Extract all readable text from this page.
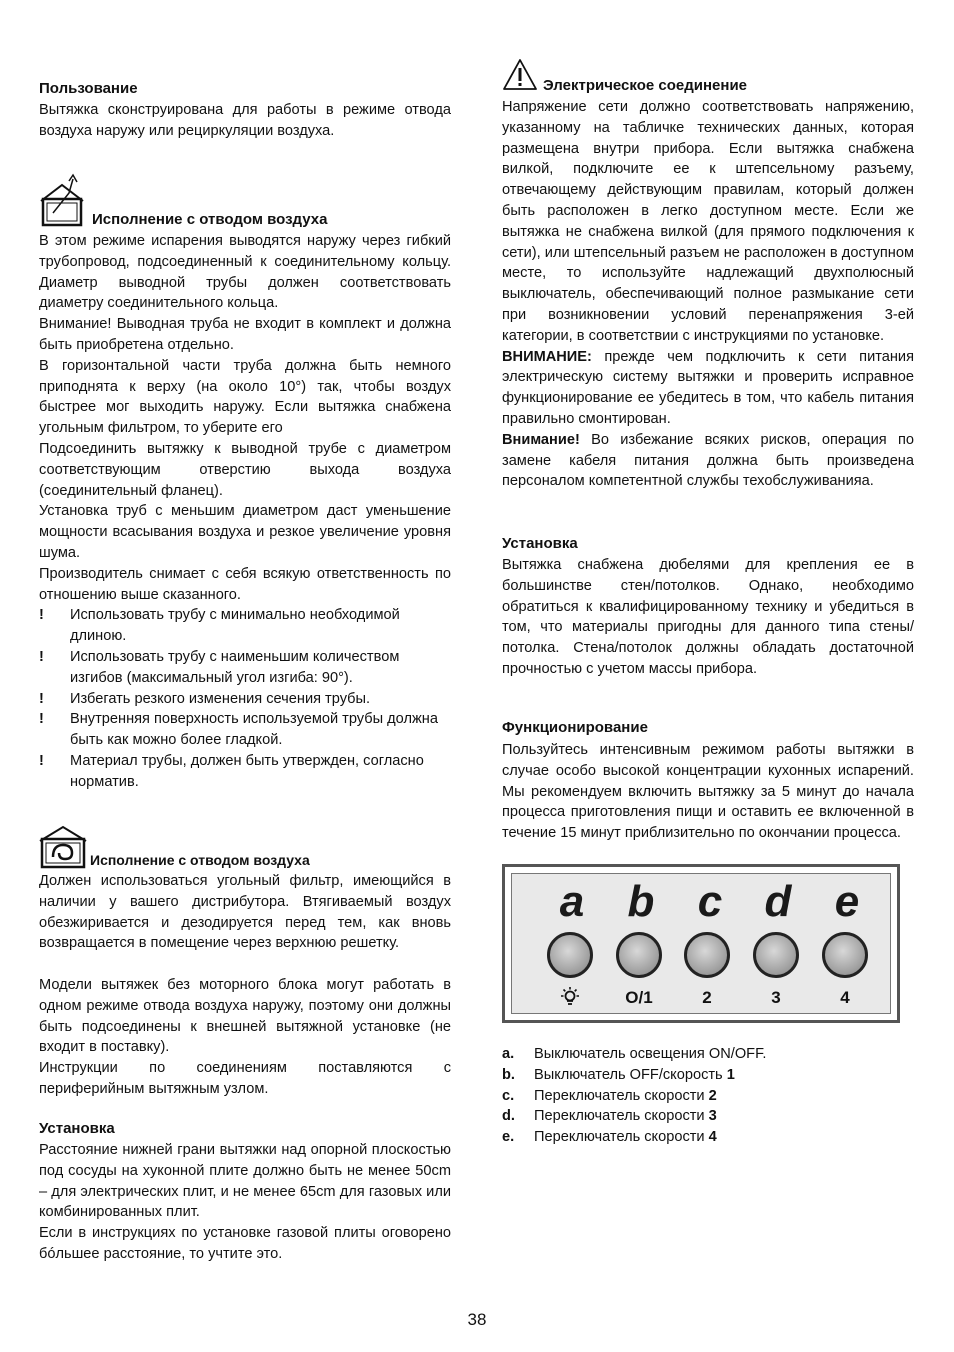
Пользование

Вытяжка сконструирована для работы в режиме отвода воздуха наружу или рециркуляции воздуха.

Исполнение с отводом воздуха

В этом режиме испарения выводятся наружу через гибкий трубопровод, подсоединенный к соединительному кольцу. Диаметр выводной трубы должен соответствовать диаметру соединительного кольца.

Внимание! Выводная труба не входит в комплект и должна быть приобретена отдельно.

В горизонтальной части труба должна быть немного приподнята к верху (на около 10°) так, чтобы воздух быстрее мог выходить наружу. Если вытяжка снабжена угольным фильтром, то уберите его

Подсоединить вытяжку к выводной трубе с диаметром соответствующим отверстию выхода воздуха (соединительный фланец).

Установка труб с меньшим диаметром даст уменьшение мощности всасывания воздуха и резкое увеличение уровня шума.

Производитель снимает с себя всякую ответственность по отношению выше сказанного.

! Использовать трубу с минимально необходимой длиною.

! Использовать трубу с наименьшим количеством изгибов (максимальный угол изгиба: 90°).

! Избегать резкого изменения сечения трубы.

! Внутренняя поверхность используемой трубы должна быть как можно более гладкой.

! Материал трубы, должен быть утвержден, согласно норматив.

Исполнение с отводом воздуха

Должен использоваться угольный фильтр, имеющийся в наличии у вашего дистрибутора. Втягиваемый воздух обезжиривается и дезодируется перед тем, как вновь возвращается в помещение через верхнюю решетку.

Модели вытяжек без моторного блока могут работать в одном режиме отвода воздуха наружу, поэтому они должны быть подсоединены к внешней вытяжной установке (не входит в поставку).

Инструкции по соединениям поставляются с периферийным вытяжным узлом.

Установка

Расстояние нижней грани вытяжки над опорной плоскостью под сосуды на хуконной плите должно быть не менее 50cm – для электрических плит, и не менее 65cm для газовых или комбинированных плит.

Если в инструкциях по установке газовой плиты оговорено бóльшее расстояние, то учтите это.

Электрическое соединение

Напряжение сети должно соответствовать напряжению, указанному на табличке технических данных, которая размещена внутри прибора. Если вытяжка снабжена вилкой, подключите ее к штепсельному разъему, отвечающему действующим правилам, который должен быть расположен в легко доступном месте. Если же вытяжка не снабжена вилкой (для прямого подключения к сети), или штепсельный разъем не расположен в доступном месте, то используйте надлежащий двухполюсный выключатель, обеспечивающий полное размыкание сети при возникновении условий перенапряжения 3-ей категории, в соответствии с инструкциями по установке.

ВНИМАНИЕ: прежде чем подключить к сети питания электрическую систему вытяжки и проверить исправное функционирование ее убедитесь в том, что кабель питания правильно смонтирован.

Внимание! Во избежание всяких рисков, операция по замене кабеля питания должна быть произведена персоналом компетентной службы техобслуживанияа.

Установка

Вытяжка снабжена дюбелями для крепления ее в большинстве стен/потолков. Однако, необходимо обратиться к квалифицированному технику и убедиться в том, что материалы пригодны для данного типа стены/потолка. Стена/потолок должны обладать достаточной прочностью с учетом массы прибора.

Функционирование

Пользуйтесь интенсивным режимом работы вытяжки в случае особо высокой концентрации кухонных испарений. Мы рекомендуем включить вытяжку за 5 минут до начала процесса приготовления пищи и оставить ее включенной в течение 15 минут приблизительно по окончании процесса.

a b c d e
O/1	2	3	4
a. Выключатель освещения ON/OFF.
b. Выключатель OFF/скорость 1
c. Переключатель скорости 2
d. Переключатель скорости 3
e. Переключатель скорости 4
38
